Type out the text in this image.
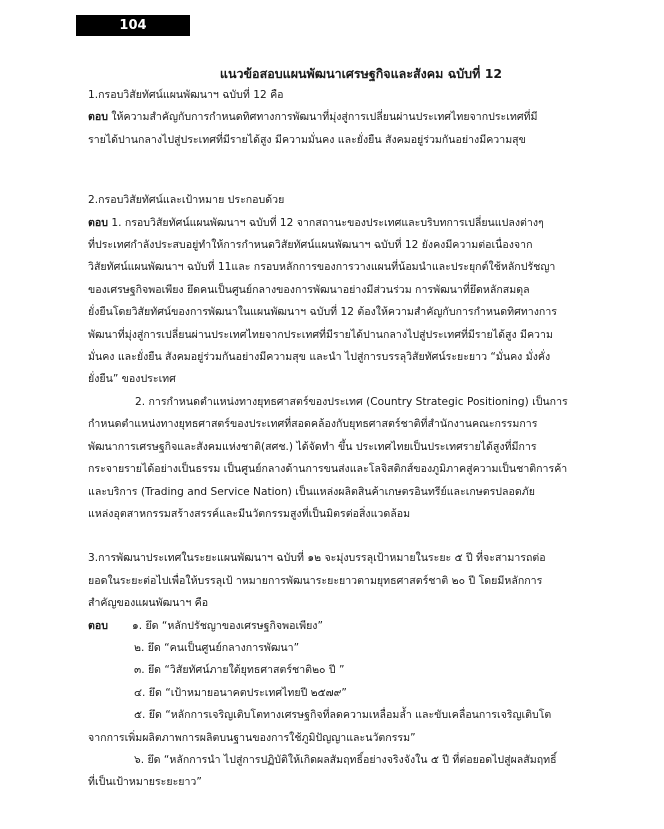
104

แนวข้อสอบแผนพัฒนาเศรษฐกิจและสังคม ฉบับที่ 12

1.กรอบวิสัยทัศน์แผนพัฒนาฯ ฉบับที่ 12 คือ

ตอบ ให้ความสำคัญกับการกำหนดทิศทางการพัฒนาที่มุ่งสู่การเปลี่ยนผ่านประเทศไทยจากประเทศที่มี

รายได้ปานกลางไปสู่ประเทศที่มีรายได้สูง มีความมั่นคง และยั่งยืน สังคมอยู่ร่วมกันอย่างมีความสุข

2.กรอบวิสัยทัศน์และเป้าหมาย ประกอบด้วย

ตอบ 1. กรอบวิสัยทัศน์แผนพัฒนาฯ ฉบับที่ 12 จากสถานะของประเทศและบริบทการเปลี่ยนแปลงต่างๆ

ที่ประเทศกำลังประสบอยู่ทำให้การกำหนดวิสัยทัศน์แผนพัฒนาฯ ฉบับที่ 12 ยังคงมีความต่อเนื่องจาก

วิสัยทัศน์แผนพัฒนาฯ ฉบับที่ 11และ กรอบหลักการของการวางแผนที่น้อมนำและประยุกต์ใช้หลักปรัชญา

ของเศรษฐกิจพอเพียง ยึดคนเป็นศูนย์กลางของการพัฒนาอย่างมีส่วนร่วม การพัฒนาที่ยึดหลักสมดุล

ยั่งยืนโดยวิสัยทัศน์ของการพัฒนาในแผนพัฒนาฯ ฉบับที่ 12 ต้องให้ความสำคัญกับการกำหนดทิศทางการ

พัฒนาที่มุ่งสู่การเปลี่ยนผ่านประเทศไทยจากประเทศที่มีรายได้ปานกลางไปสู่ประเทศที่มีรายได้สูง มีความ

มั่นคง และยั่งยืน สังคมอยู่ร่วมกันอย่างมีความสุข และนำ ไปสู่การบรรลุวิสัยทัศน์ระยะยาว “มั่นคง มั่งคั่ง

ยั่งยืน” ของประเทศ

2. การกำหนดตำแหน่งทางยุทธศาสตร์ของประเทศ (Country Strategic Positioning) เป็นการ

กำหนดตำแหน่งทางยุทธศาสตร์ของประเทศที่สอดคล้องกับยุทธศาสตร์ชาติที่สำนักงานคณะกรรมการ

พัฒนาการเศรษฐกิจและสังคมแห่งชาติ(สศช.) ได้จัดทำ ขึ้น ประเทศไทยเป็นประเทศรายได้สูงที่มีการ

กระจายรายได้อย่างเป็นธรรม เป็นศูนย์กลางด้านการขนส่งและโลจิสติกส์ของภูมิภาคสู่ความเป็นชาติการค้า

และบริการ (Trading and Service Nation) เป็นแหล่งผลิตสินค้าเกษตรอินทรีย์และเกษตรปลอดภัย

แหล่งอุตสาหกรรมสร้างสรรค์และมีนวัตกรรมสูงที่เป็นมิตรต่อสิ่งแวดล้อม

3.การพัฒนาประเทศในระยะแผนพัฒนาฯ ฉบับที่ ๑๒ จะมุ่งบรรลุเป้าหมายในระยะ ๕ ปี ที่จะสามารถต่อ

ยอดในระยะต่อไปเพื่อให้บรรลุเป้ าหมายการพัฒนาระยะยาวตามยุทธศาสตร์ชาติ ๒๐ ปี โดยมีหลักการ

สำคัญของแผนพัฒนาฯ คือ

ตอบ ๑. ยึด “หลักปรัชญาของเศรษฐกิจพอเพียง”

๒. ยึด “คนเป็นศูนย์กลางการพัฒนา”

๓. ยึด “วิสัยทัศน์ภายใต้ยุทธศาสตร์ชาติ๒๐ ปี ”

๔. ยึด “เป้าหมายอนาคตประเทศไทยปี ๒๕๗๙”

๕. ยึด “หลักการเจริญเติบโตทางเศรษฐกิจที่ลดความเหลื่อมล้ำ และขับเคลื่อนการเจริญเติบโต

จากการเพิ่มผลิตภาพการผลิตบนฐานของการใช้ภูมิปัญญาและนวัตกรรม”

๖. ยึด “หลักการนำ ไปสู่การปฏิบัติให้เกิดผลสัมฤทธิ์อย่างจริงจังใน ๕ ปี ที่ต่อยอดไปสู่ผลสัมฤทธิ์

ที่เป็นเป้าหมายระยะยาว”
